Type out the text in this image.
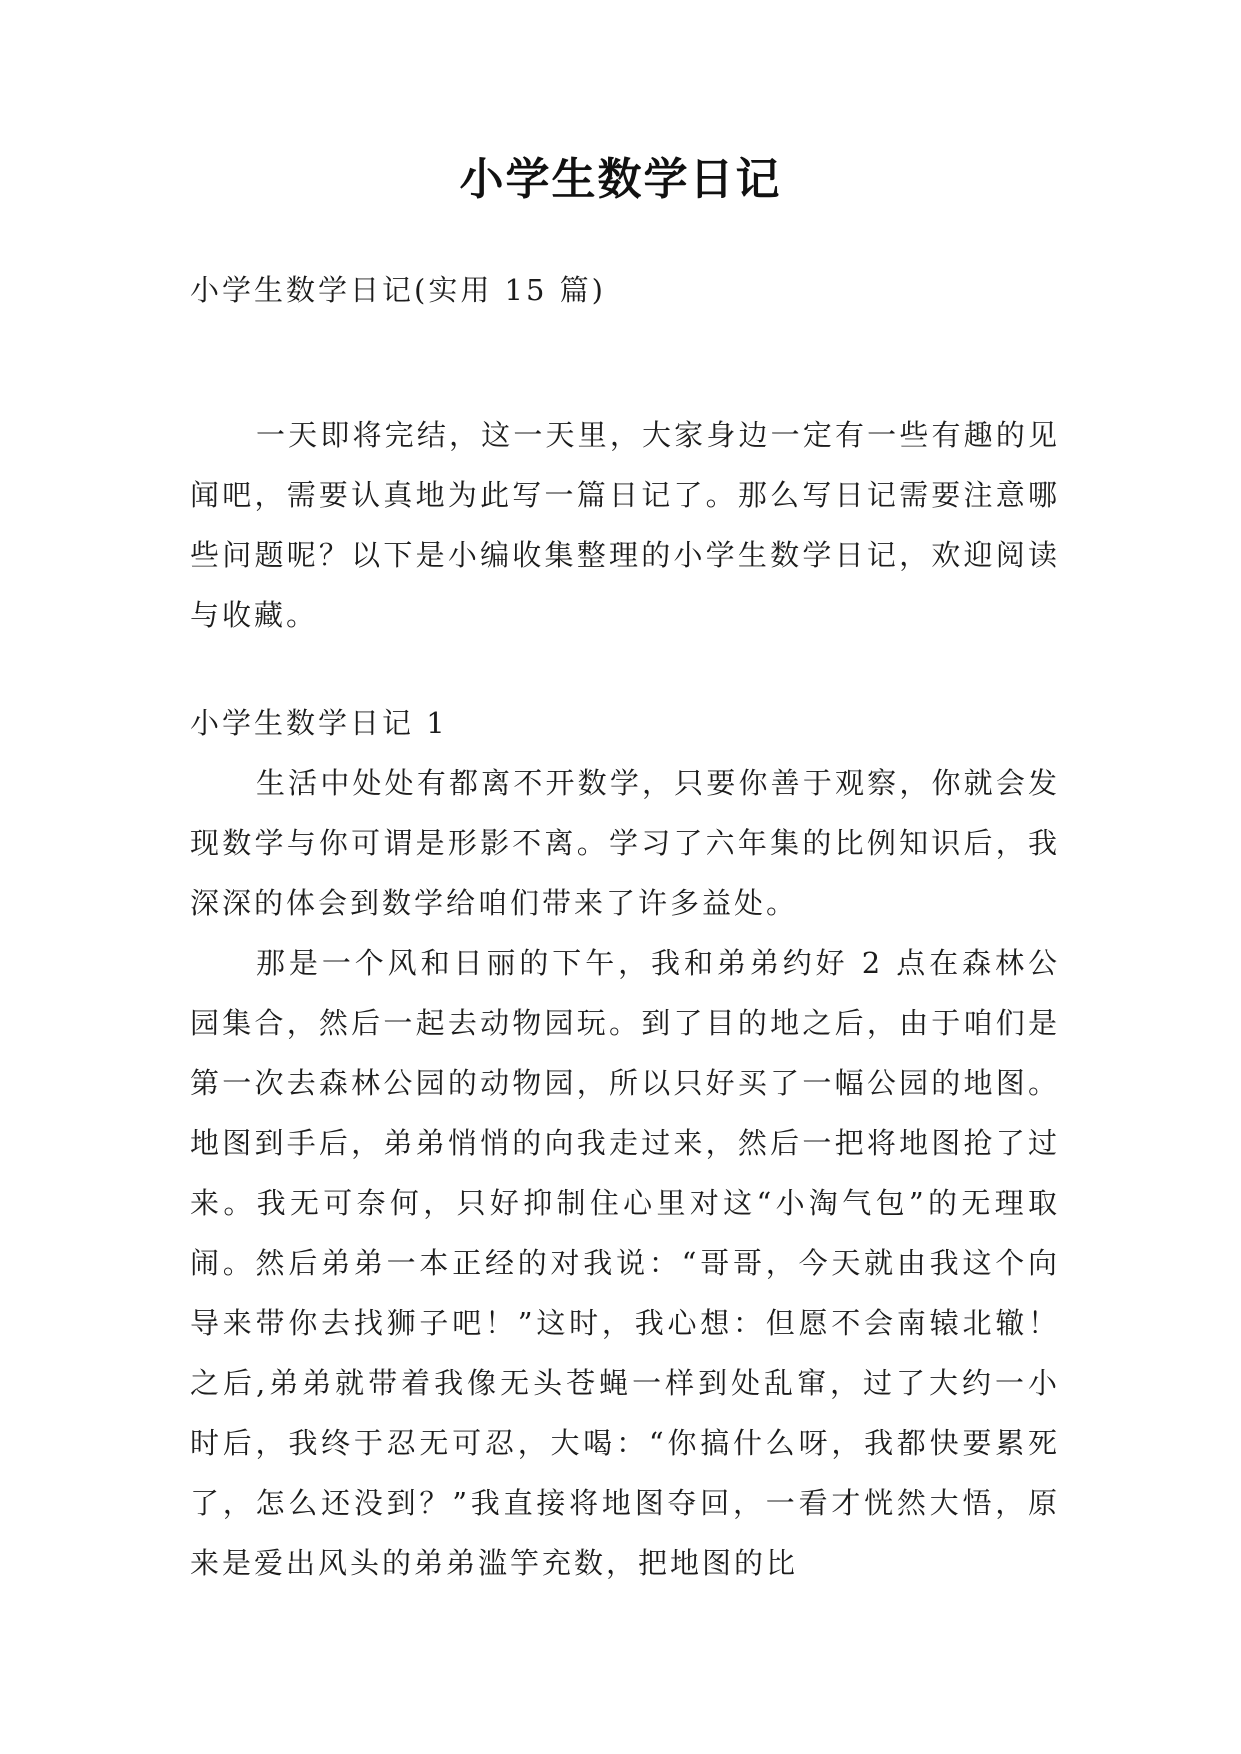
小学生数学日记

小学生数学日记(实用 15 篇)

一天即将完结，这一天里，大家身边一定有一些有趣的见闻吧，需要认真地为此写一篇日记了。那么写日记需要注意哪些问题呢？以下是小编收集整理的小学生数学日记，欢迎阅读与收藏。

小学生数学日记 1

生活中处处有都离不开数学，只要你善于观察，你就会发现数学与你可谓是形影不离。学习了六年集的比例知识后，我深深的体会到数学给咱们带来了许多益处。

那是一个风和日丽的下午，我和弟弟约好 2 点在森林公园集合，然后一起去动物园玩。到了目的地之后，由于咱们是第一次去森林公园的动物园，所以只好买了一幅公园的地图。地图到手后，弟弟悄悄的向我走过来，然后一把将地图抢了过来。我无可奈何，只好抑制住心里对这“小淘气包”的无理取闹。然后弟弟一本正经的对我说：“哥哥，今天就由我这个向导来带你去找狮子吧！”这时，我心想：但愿不会南辕北辙！之后,弟弟就带着我像无头苍蝇一样到处乱窜，过了大约一小时后，我终于忍无可忍，大喝：“你搞什么呀，我都快要累死了，怎么还没到？”我直接将地图夺回，一看才恍然大悟，原来是爱出风头的弟弟滥竽充数，把地图的比
